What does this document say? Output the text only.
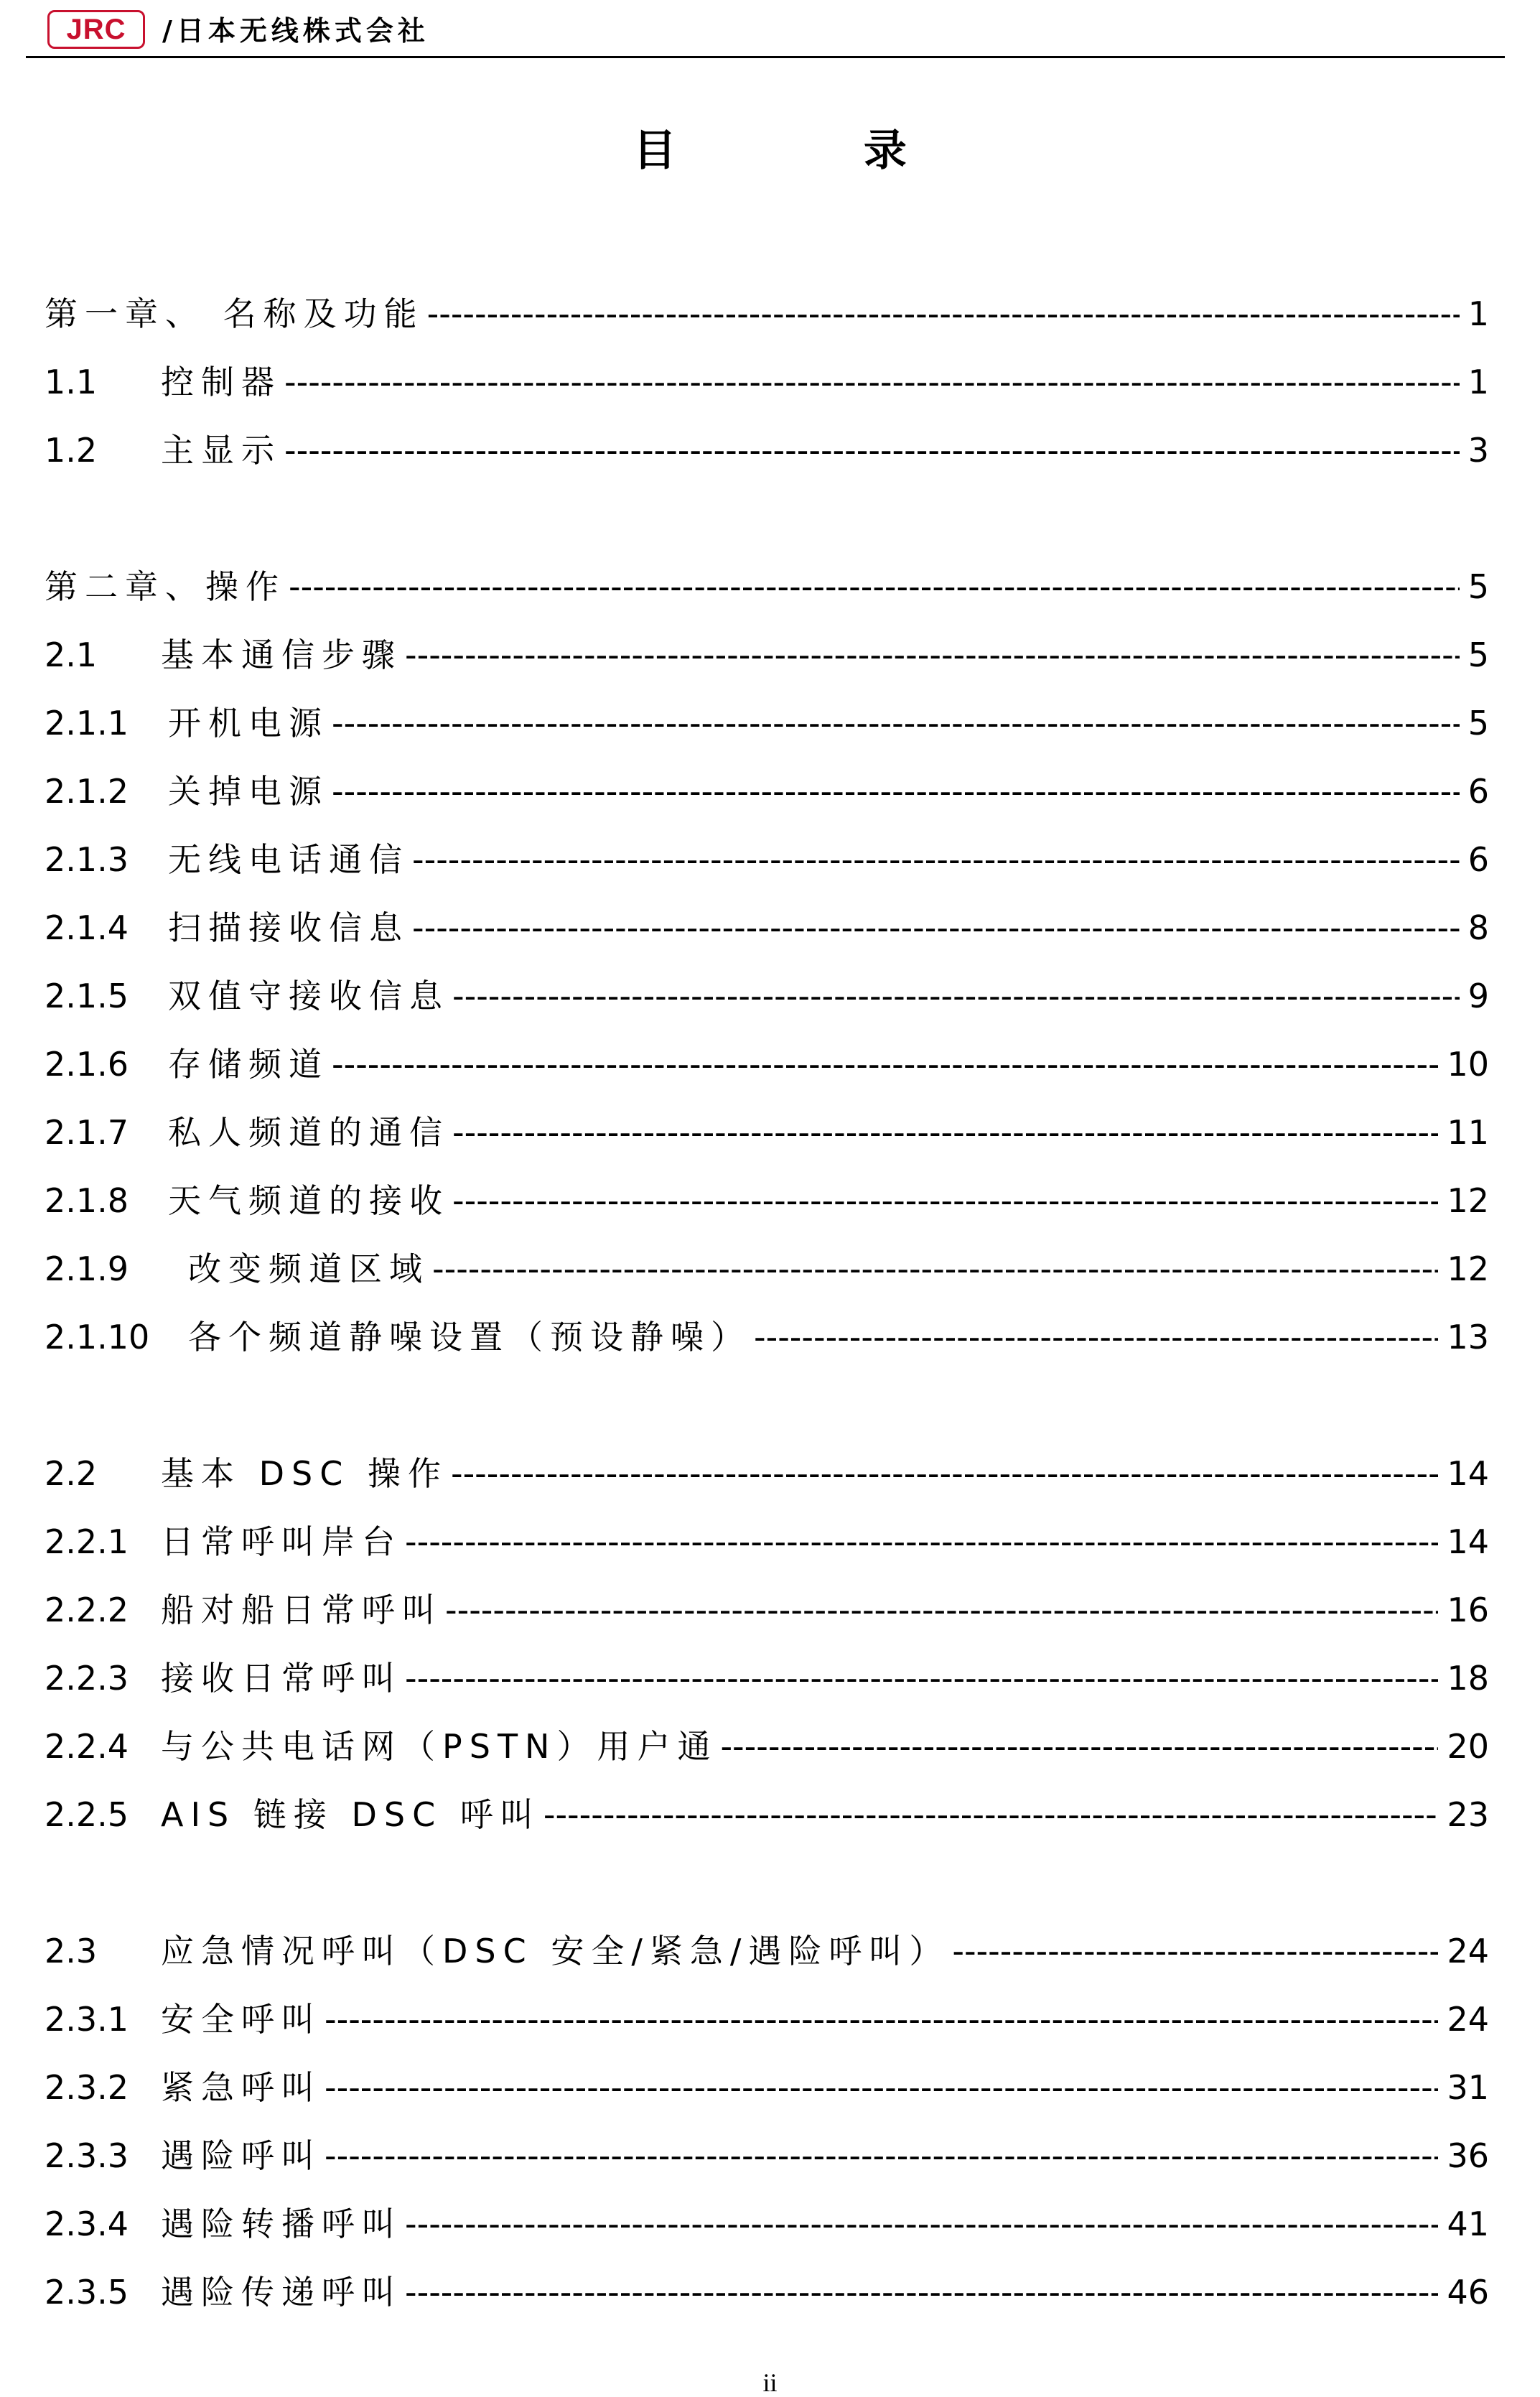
JRC /日本无线株式会社
目 录
第一章、 名称及功能 -----	1
1.1 控制器 -----	1
1.2 主显示 -----	3
第二章、操作 -----	5
2.1 基本通信步骤 -----	5
2.1.1 开机电源 -----	5
2.1.2 关掉电源 -----	6
2.1.3 无线电话通信 -----	6
2.1.4 扫描接收信息 -----	8
2.1.5 双值守接收信息 -----	9
2.1.6 存储频道 -----	10
2.1.7 私人频道的通信 -----	11
2.1.8 天气频道的接收 -----	12
2.1.9 改变频道区域 -----	12
2.1.10 各个频道静噪设置（预设静噪） -----	13
2.2 基本 DSC 操作 -----	14
2.2.1 日常呼叫岸台 -----	14
2.2.2 船对船日常呼叫 -----	16
2.2.3 接收日常呼叫 -----	18
2.2.4 与公共电话网（PSTN）用户通 -----	20
2.2.5 AIS 链接 DSC 呼叫 -----	23
2.3 应急情况呼叫（DSC 安全/紧急/遇险呼叫） -----	24
2.3.1 安全呼叫 -----	24
2.3.2 紧急呼叫 -----	31
2.3.3 遇险呼叫 -----	36
2.3.4 遇险转播呼叫 -----	41
2.3.5 遇险传递呼叫 -----	46
ii
